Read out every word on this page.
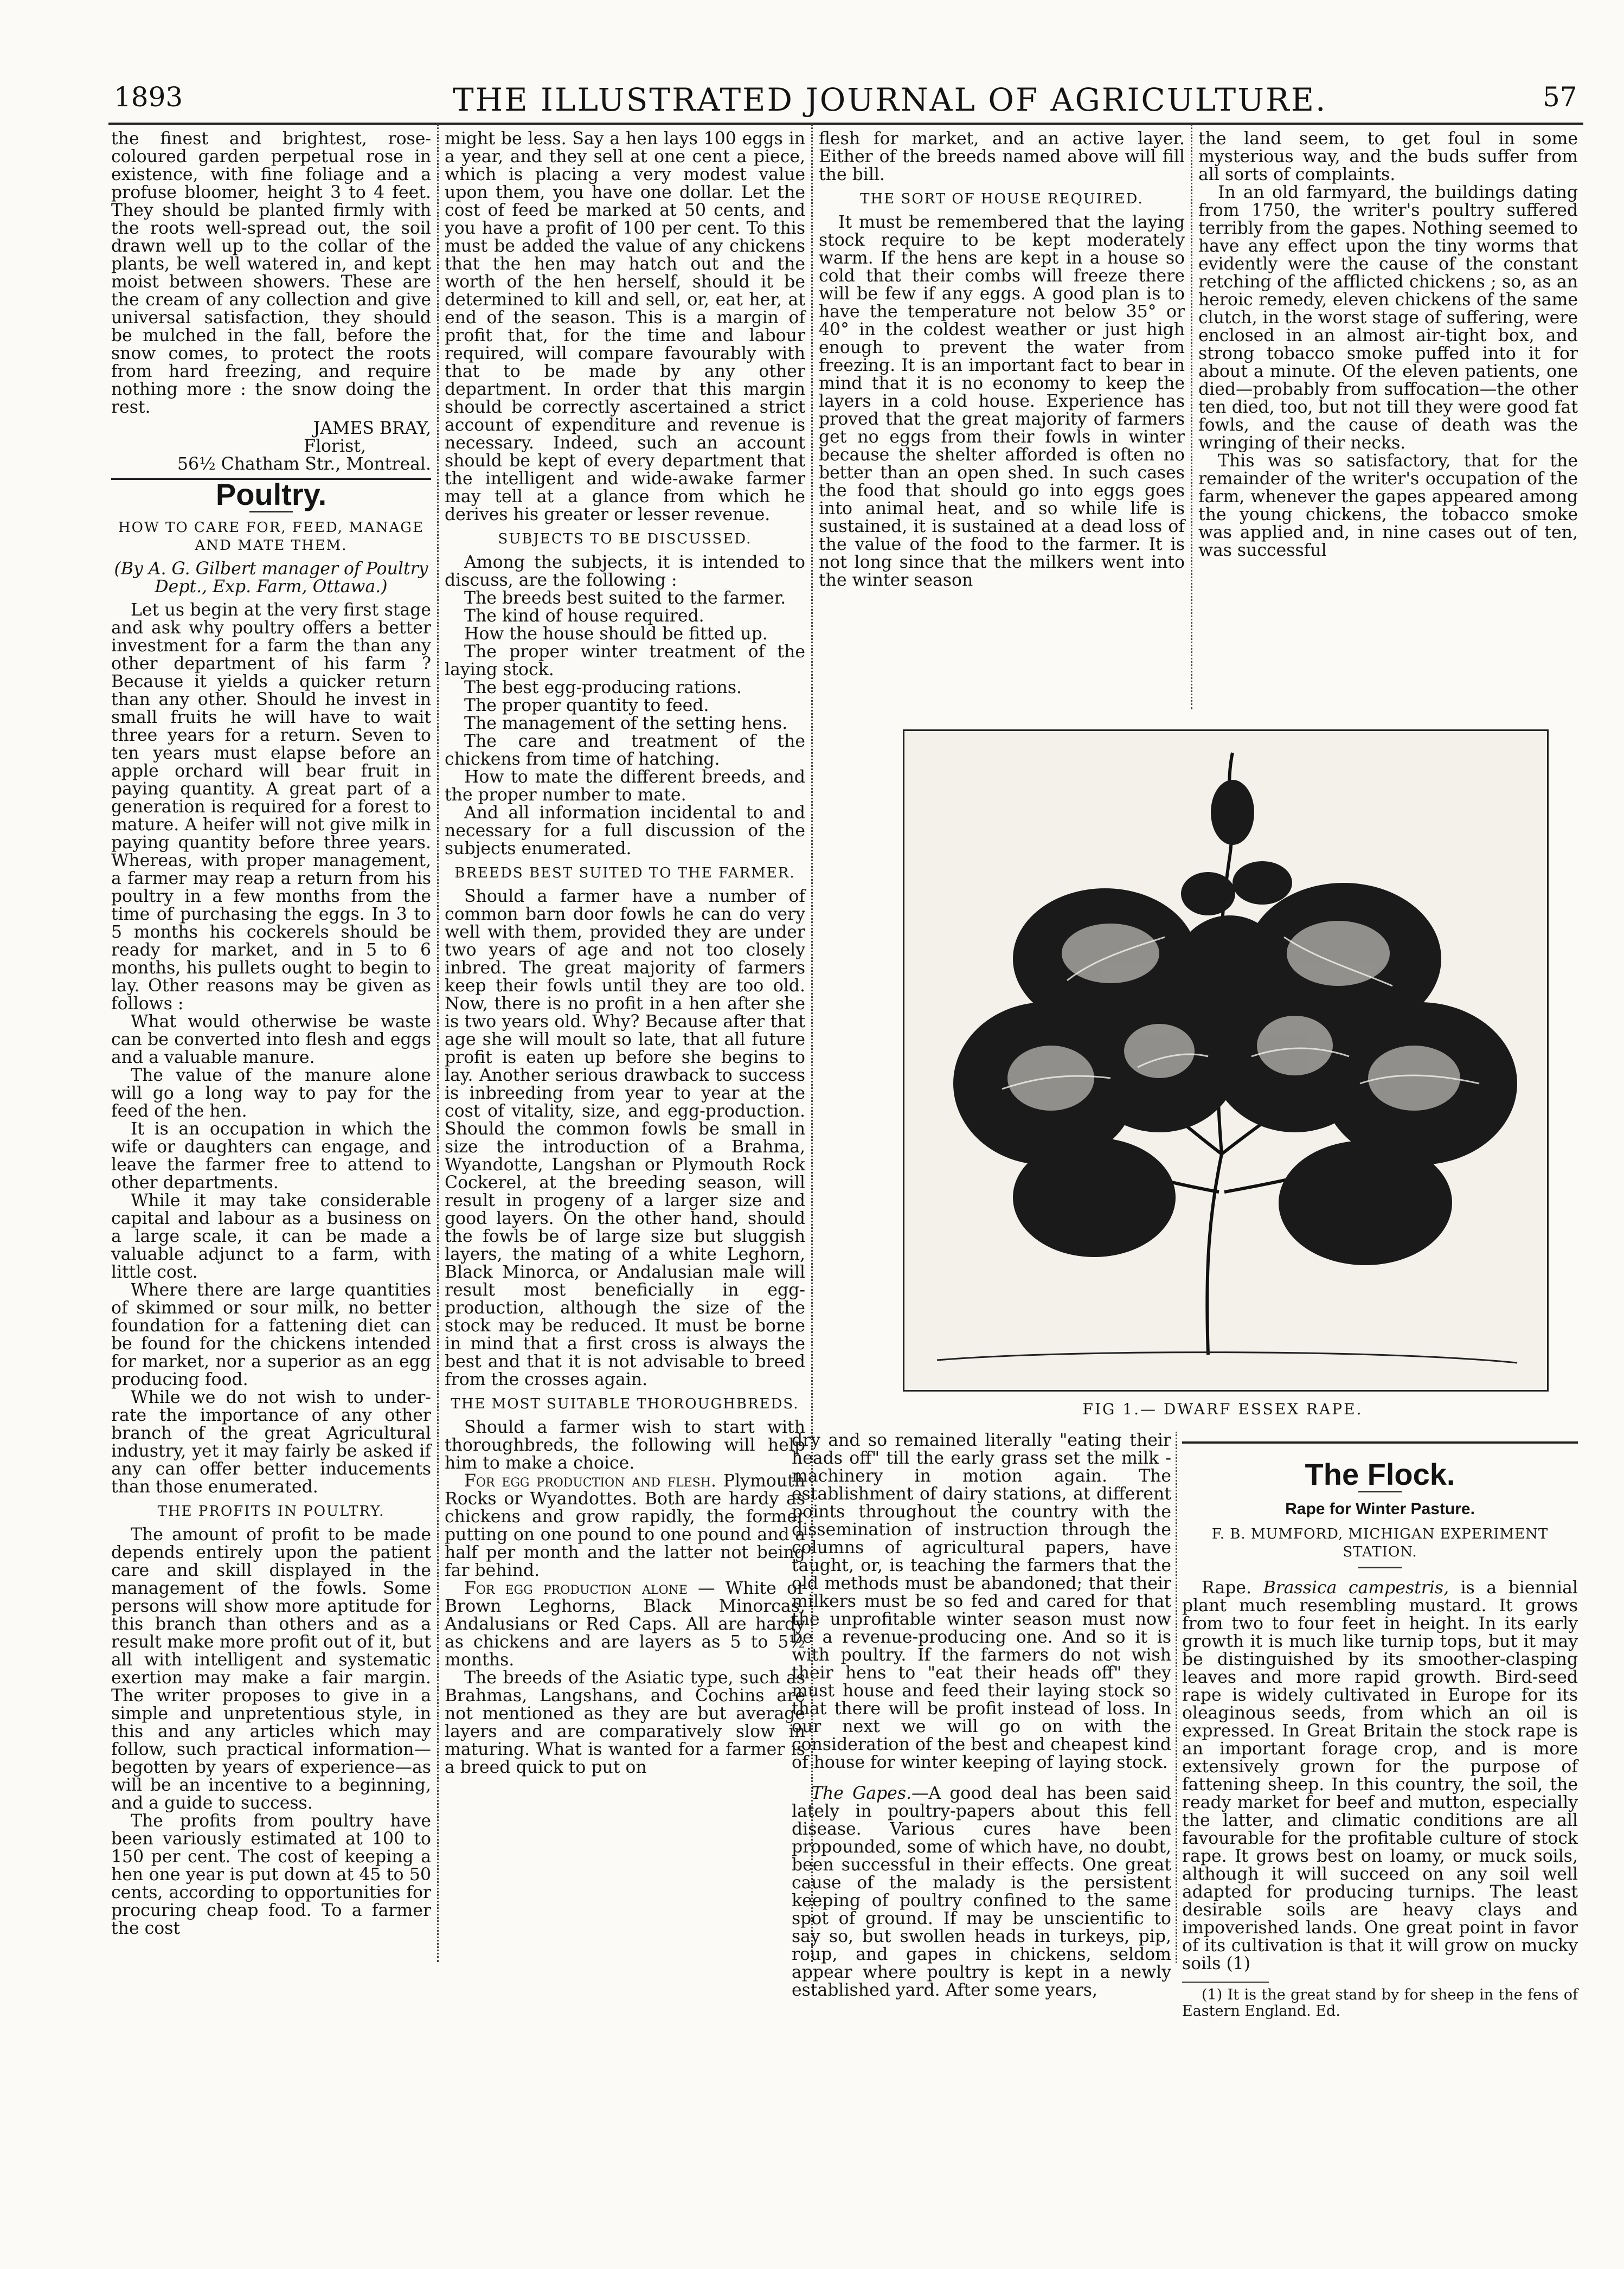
1893	THE ILLUSTRATED JOURNAL OF AGRICULTURE.	57

the finest and brightest, rose-coloured garden perpetual rose in existence, with fine foliage and a profuse bloomer, height 3 to 4 feet. They should be planted firmly with the roots well-spread out, the soil drawn well up to the collar of the plants, be well watered in, and kept moist between showers. These are the cream of any collection and give universal satisfaction, they should be mulched in the fall, before the snow comes, to protect the roots from hard freezing, and require nothing more : the snow doing the rest.

JAMES BRAY,
Florist,
56½ Chatham Str., Montreal.
Poultry.
HOW TO CARE FOR, FEED, MANAGE AND MATE THEM.
(By A. G. Gilbert manager of Poultry Dept., Exp. Farm, Ottawa.)

Let us begin at the very first stage and ask why poultry offers a better investment for a farm the than any other department of his farm ? Because it yields a quicker return than any other. Should he invest in small fruits he will have to wait three years for a return. Seven to ten years must elapse before an apple orchard will bear fruit in paying quantity. A great part of a generation is required for a forest to mature. A heifer will not give milk in paying quantity before three years. Whereas, with proper management, a farmer may reap a return from his poultry in a few months from the time of purchasing the eggs. In 3 to 5 months his cockerels should be ready for market, and in 5 to 6 months, his pullets ought to begin to lay. Other reasons may be given as follows :

What would otherwise be waste can be converted into flesh and eggs and a valuable manure.

The value of the manure alone will go a long way to pay for the feed of the hen.

It is an occupation in which the wife or daughters can engage, and leave the farmer free to attend to other departments.

While it may take considerable capital and labour as a business on a large scale, it can be made a valuable adjunct to a farm, with little cost.

Where there are large quantities of skimmed or sour milk, no better foundation for a fattening diet can be found for the chickens intended for market, nor a superior as an egg producing food.

While we do not wish to under-rate the importance of any other branch of the great Agricultural industry, yet it may fairly be asked if any can offer better inducements than those enumerated.

THE PROFITS IN POULTRY.

The amount of profit to be made depends entirely upon the patient care and skill displayed in the management of the fowls. Some persons will show more aptitude for this branch than others and as a result make more profit out of it, but all with intelligent and systematic exertion may make a fair margin. The writer proposes to give in a simple and unpretentious style, in this and any articles which may follow, such practical information—begotten by years of experience—as will be an incentive to a beginning, and a guide to success.

The profits from poultry have been variously estimated at 100 to 150 per cent. The cost of keeping a hen one year is put down at 45 to 50 cents, according to opportunities for procuring cheap food. To a farmer the cost

might be less. Say a hen lays 100 eggs in a year, and they sell at one cent a piece, which is placing a very modest value upon them, you have one dollar. Let the cost of feed be marked at 50 cents, and you have a profit of 100 per cent. To this must be added the value of any chickens that the hen may hatch out and the worth of the hen herself, should it be determined to kill and sell, or, eat her, at end of the season. This is a margin of profit that, for the time and labour required, will compare favourably with that to be made by any other department. In order that this margin should be correctly ascertained a strict account of expenditure and revenue is necessary. Indeed, such an account should be kept of every department that the intelligent and wide-awake farmer may tell at a glance from which he derives his greater or lesser revenue.

SUBJECTS TO BE DISCUSSED.

Among the subjects, it is intended to discuss, are the following :

The breeds best suited to the farmer.

The kind of house required.

How the house should be fitted up.

The proper winter treatment of the laying stock.

The best egg-producing rations.

The proper quantity to feed.

The management of the setting hens.

The care and treatment of the chickens from time of hatching.

How to mate the different breeds, and the proper number to mate.

And all information incidental to and necessary for a full discussion of the subjects enumerated.

BREEDS BEST SUITED TO THE FARMER.

Should a farmer have a number of common barn door fowls he can do very well with them, provided they are under two years of age and not too closely inbred. The great majority of farmers keep their fowls until they are too old. Now, there is no profit in a hen after she is two years old. Why? Because after that age she will moult so late, that all future profit is eaten up before she begins to lay. Another serious drawback to success is inbreeding from year to year at the cost of vitality, size, and egg-production. Should the common fowls be small in size the introduction of a Brahma, Wyandotte, Langshan or Plymouth Rock Cockerel, at the breeding season, will result in progeny of a larger size and good layers. On the other hand, should the fowls be of large size but sluggish layers, the mating of a white Leghorn, Black Minorca, or Andalusian male will result most beneficially in egg-production, although the size of the stock may be reduced. It must be borne in mind that a first cross is always the best and that it is not advisable to breed from the crosses again.

THE MOST SUITABLE THOROUGHBREDS.

Should a farmer wish to start with thoroughbreds, the following will help him to make a choice.

For egg production and flesh. Plymouth Rocks or Wyandottes. Both are hardy as chickens and grow rapidly, the former putting on one pound to one pound and a half per month and the latter not being far behind.

For egg production alone — White or Brown Leghorns, Black Minorcas, Andalusians or Red Caps. All are hardy as chickens and are layers as 5 to 5½ months.

The breeds of the Asiatic type, such as Brahmas, Langshans, and Cochins are not mentioned as they are but average layers and are comparatively slow in maturing. What is wanted for a farmer is a breed quick to put on

flesh for market, and an active layer. Either of the breeds named above will fill the bill.

THE SORT OF HOUSE REQUIRED.

It must be remembered that the laying stock require to be kept moderately warm. If the hens are kept in a house so cold that their combs will freeze there will be few if any eggs. A good plan is to have the temperature not below 35° or 40° in the coldest weather or just high enough to prevent the water from freezing. It is an important fact to bear in mind that it is no economy to keep the layers in a cold house. Experience has proved that the great majority of farmers get no eggs from their fowls in winter because the shelter afforded is often no better than an open shed. In such cases the food that should go into eggs goes into animal heat, and so while life is sustained, it is sustained at a dead loss of the value of the food to the farmer. It is not long since that the milkers went into the winter season

the land seem, to get foul in some mysterious way, and the buds suffer from all sorts of complaints.

In an old farmyard, the buildings dating from 1750, the writer's poultry suffered terribly from the gapes. Nothing seemed to have any effect upon the tiny worms that evidently were the cause of the constant retching of the afflicted chickens ; so, as an heroic remedy, eleven chickens of the same clutch, in the worst stage of suffering, were enclosed in an almost air-tight box, and strong tobacco smoke puffed into it for about a minute. Of the eleven patients, one died—probably from suffocation—the other ten died, too, but not till they were good fat fowls, and the cause of death was the wringing of their necks.

This was so satisfactory, that for the remainder of the writer's occupation of the farm, whenever the gapes appeared among the young chickens, the tobacco smoke was applied and, in nine cases out of ten, was successful

FIG 1.— DWARF ESSEX RAPE.

dry and so remained literally "eating their heads off" till the early grass set the milk - machinery in motion again. The establishment of dairy stations, at different points throughout the country with the dissemination of instruction through the columns of agricultural papers, have taught, or, is teaching the farmers that the old methods must be abandoned; that their milkers must be so fed and cared for that the unprofitable winter season must now be a revenue-producing one. And so it is with poultry. If the farmers do not wish their hens to "eat their heads off" they must house and feed their laying stock so that there will be profit instead of loss. In our next we will go on with the consideration of the best and cheapest kind of house for winter keeping of laying stock.

The Gapes.—A good deal has been said lately in poultry-papers about this fell disease. Various cures have been propounded, some of which have, no doubt, been successful in their effects. One great cause of the malady is the persistent keeping of poultry confined to the same spot of ground. If may be unscientific to say so, but swollen heads in turkeys, pip, roup, and gapes in chickens, seldom appear where poultry is kept in a newly established yard. After some years,

The Flock.
Rape for Winter Pasture.
F. B. MUMFORD, MICHIGAN EXPERIMENT STATION.

Rape. Brassica campestris, is a biennial plant much resembling mustard. It grows from two to four feet in height. In its early growth it is much like turnip tops, but it may be distinguished by its smoother-clasping leaves and more rapid growth. Bird-seed rape is widely cultivated in Europe for its oleaginous seeds, from which an oil is expressed. In Great Britain the stock rape is an important forage crop, and is more extensively grown for the purpose of fattening sheep. In this country, the soil, the ready market for beef and mutton, especially the latter, and climatic conditions are all favourable for the profitable culture of stock rape. It grows best on loamy, or muck soils, although it will succeed on any soil well adapted for producing turnips. The least desirable soils are heavy clays and impoverished lands. One great point in favor of its cultivation is that it will grow on mucky soils (1)

(1) It is the great stand by for sheep in the fens of Eastern England. Ed.
